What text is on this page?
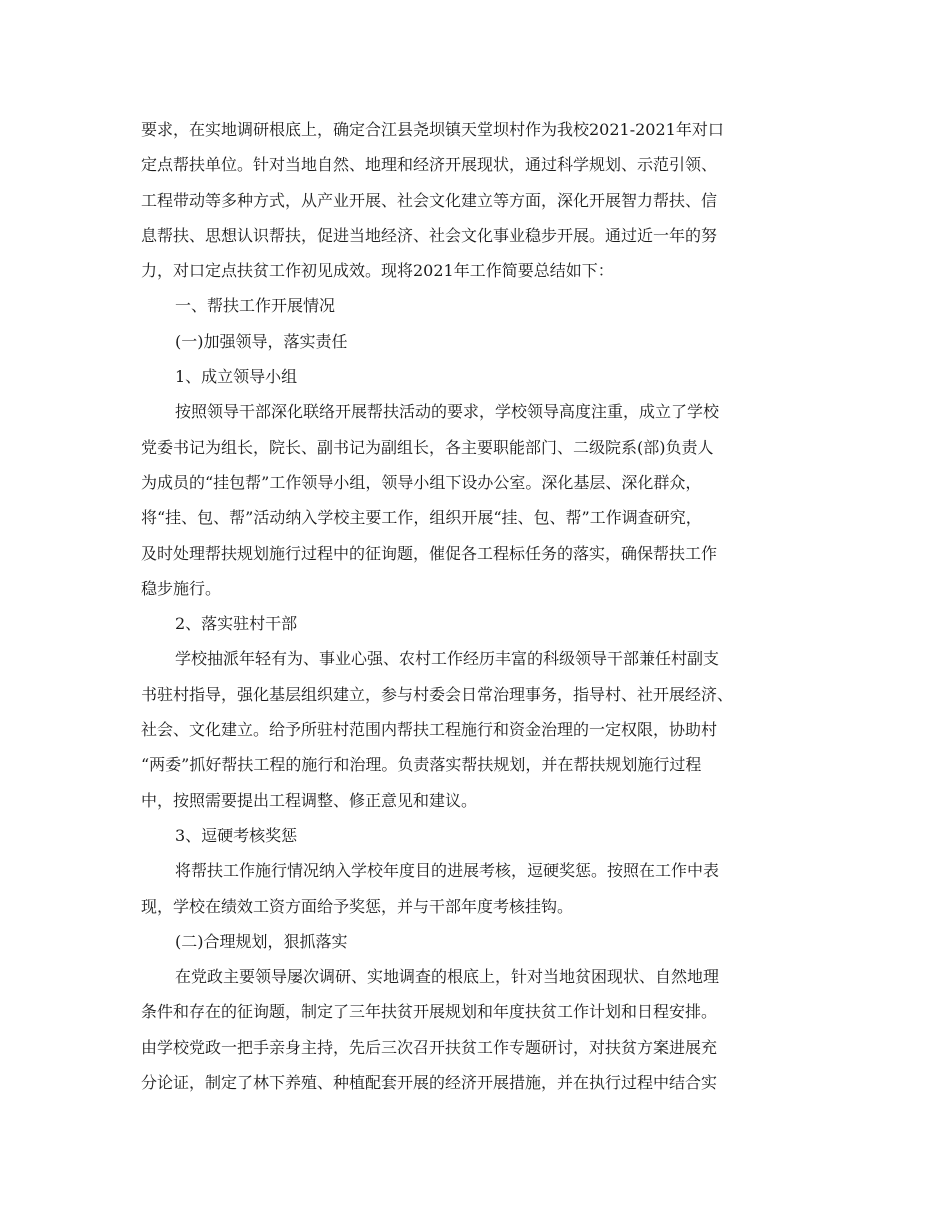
要求，在实地调研根底上，确定合江县尧坝镇天堂坝村作为我校2021-2021年对口
定点帮扶单位。针对当地自然、地理和经济开展现状，通过科学规划、示范引领、
工程带动等多种方式，从产业开展、社会文化建立等方面，深化开展智力帮扶、信
息帮扶、思想认识帮扶，促进当地经济、社会文化事业稳步开展。通过近一年的努
力，对口定点扶贫工作初见成效。现将2021年工作简要总结如下：
一、帮扶工作开展情况
(一)加强领导，落实责任
1、成立领导小组
按照领导干部深化联络开展帮扶活动的要求，学校领导高度注重，成立了学校
党委书记为组长，院长、副书记为副组长，各主要职能部门、二级院系(部)负责人
为成员的“挂包帮”工作领导小组，领导小组下设办公室。深化基层、深化群众，
将“挂、包、帮”活动纳入学校主要工作，组织开展“挂、包、帮”工作调查研究，
及时处理帮扶规划施行过程中的征询题，催促各工程标任务的落实，确保帮扶工作
稳步施行。
2、落实驻村干部
学校抽派年轻有为、事业心强、农村工作经历丰富的科级领导干部兼任村副支
书驻村指导，强化基层组织建立，参与村委会日常治理事务，指导村、社开展经济、
社会、文化建立。给予所驻村范围内帮扶工程施行和资金治理的一定权限，协助村
“两委”抓好帮扶工程的施行和治理。负责落实帮扶规划，并在帮扶规划施行过程
中，按照需要提出工程调整、修正意见和建议。
3、逗硬考核奖惩
将帮扶工作施行情况纳入学校年度目的进展考核，逗硬奖惩。按照在工作中表
现，学校在绩效工资方面给予奖惩，并与干部年度考核挂钩。
(二)合理规划，狠抓落实
在党政主要领导屡次调研、实地调查的根底上，针对当地贫困现状、自然地理
条件和存在的征询题，制定了三年扶贫开展规划和年度扶贫工作计划和日程安排。
由学校党政一把手亲身主持，先后三次召开扶贫工作专题研讨，对扶贫方案进展充
分论证，制定了林下养殖、种植配套开展的经济开展措施，并在执行过程中结合实
